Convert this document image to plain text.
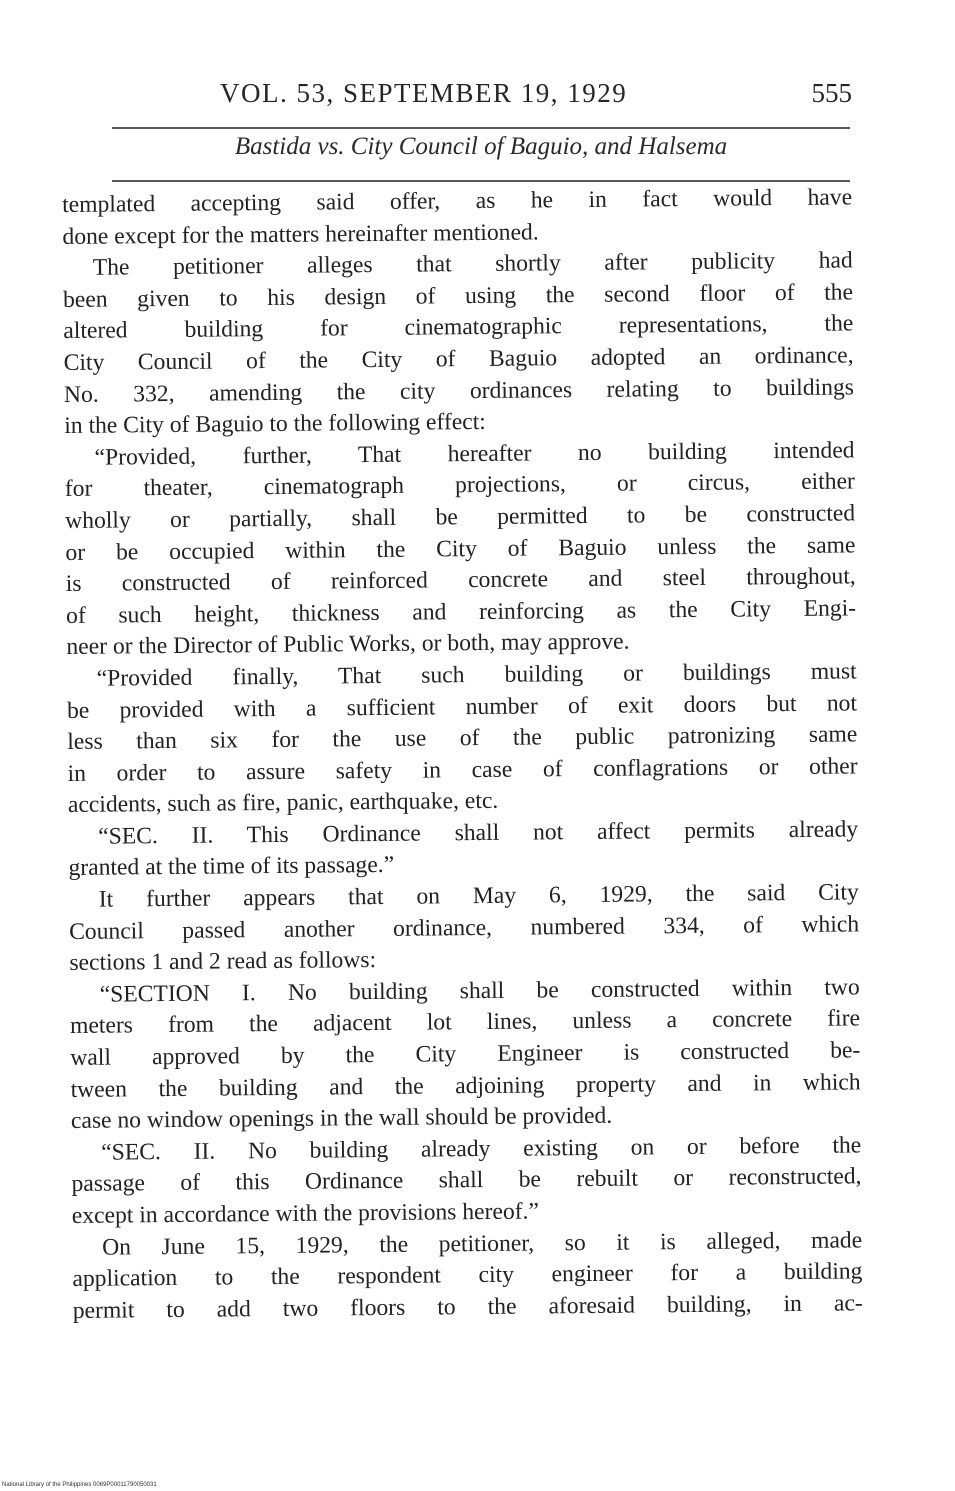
VOL. 53, SEPTEMBER 19, 1929	555
Bastida vs. City Council of Baguio, and Halsema
templated accepting said offer, as he in fact would have
done except for the matters hereinafter mentioned.
The petitioner alleges that shortly after publicity had
been given to his design of using the second floor of the
altered building for cinematographic representations, the
City Council of the City of Baguio adopted an ordinance,
No. 332, amending the city ordinances relating to buildings
in the City of Baguio to the following effect:
“Provided, further, That hereafter no building intended
for theater, cinematograph projections, or circus, either
wholly or partially, shall be permitted to be constructed
or be occupied within the City of Baguio unless the same
is constructed of reinforced concrete and steel throughout,
of such height, thickness and reinforcing as the City Engi-
neer or the Director of Public Works, or both, may approve.
“Provided finally, That such building or buildings must
be provided with a sufficient number of exit doors but not
less than six for the use of the public patronizing same
in order to assure safety in case of conflagrations or other
accidents, such as fire, panic, earthquake, etc.
“SEC. II. This Ordinance shall not affect permits already
granted at the time of its passage.”
It further appears that on May 6, 1929, the said City
Council passed another ordinance, numbered 334, of which
sections 1 and 2 read as follows:
“SECTION I. No building shall be constructed within two
meters from the adjacent lot lines, unless a concrete fire
wall approved by the City Engineer is constructed be-
tween the building and the adjoining property and in which
case no window openings in the wall should be provided.
“SEC. II. No building already existing on or before the
passage of this Ordinance shall be rebuilt or reconstructed,
except in accordance with the provisions hereof.”
On June 15, 1929, the petitioner, so it is alleged, made
application to the respondent city engineer for a building
permit to add two floors to the aforesaid building, in ac-
National Library of the Philippines 0069P00011790050031
